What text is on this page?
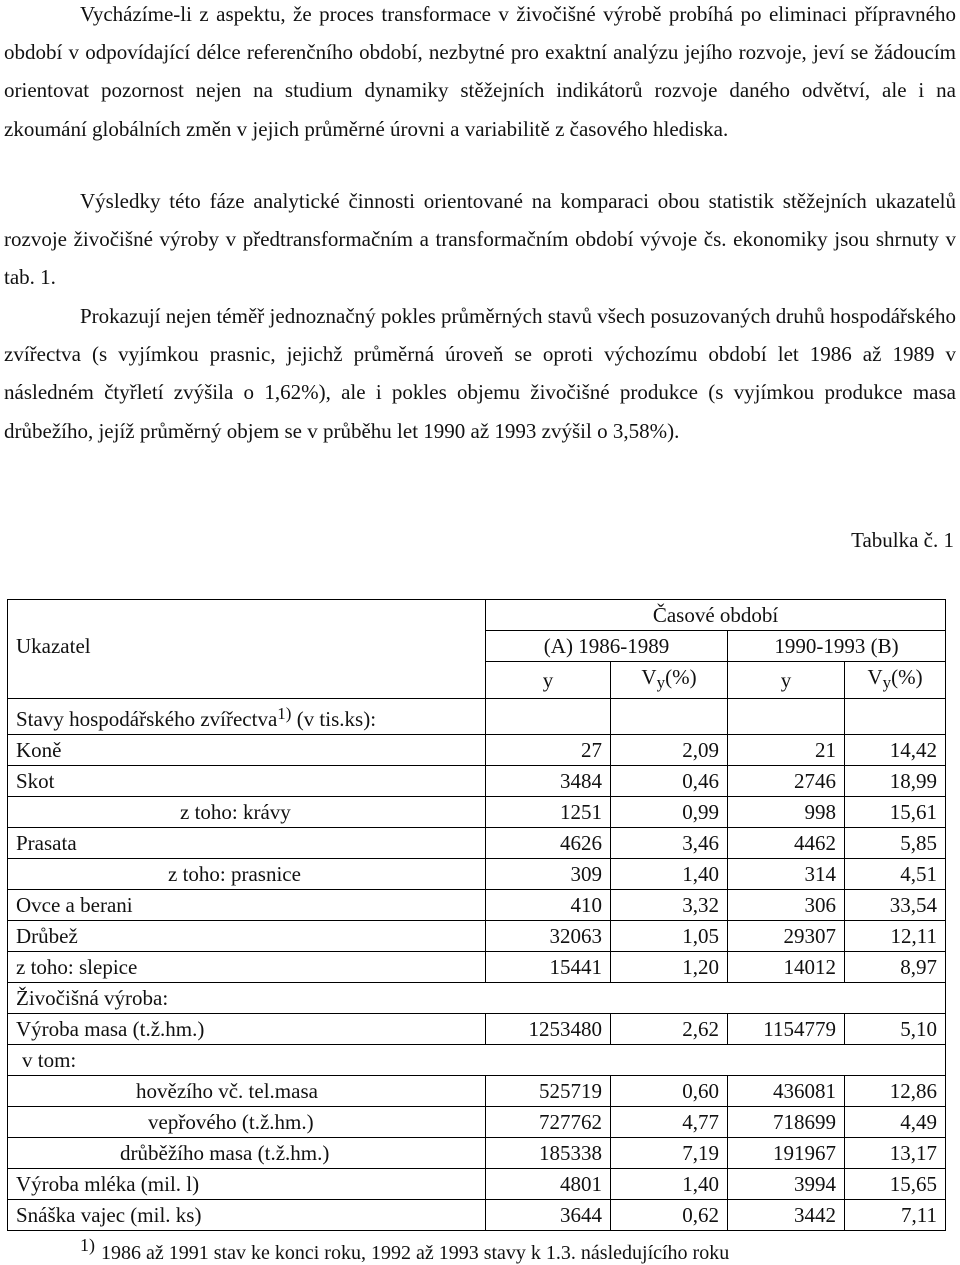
Vycházíme-li z aspektu, že proces transformace v živočišné výrobě probíhá po eliminaci přípravného období v odpovídající délce referenčního období, nezbytné pro exaktní analýzu jejího rozvoje, jeví se žádoucím orientovat pozornost nejen na studium dynamiky stěžejních indikátorů rozvoje daného odvětví, ale i na zkoumání globálních změn v jejich průměrné úrovni a variabilitě z časového hlediska.

Výsledky této fáze analytické činnosti orientované na komparaci obou statistik stěžejních ukazatelů rozvoje živočišné výroby v předtransformačním a transformačním období vývoje čs. ekonomiky jsou shrnuty v tab. 1.

Prokazují nejen téměř jednoznačný pokles průměrných stavů všech posuzovaných druhů hospodářského zvířectva (s vyjímkou prasnic, jejichž průměrná úroveň se oproti výchozímu období let 1986 až 1989 v následném čtyřletí zvýšila o 1,62%), ale i pokles objemu živočišné produkce (s vyjímkou produkce masa drůbežího, jejíž průměrný objem se v průběhu let 1990 až 1993 zvýšil o 3,58%).

Tabulka č. 1
	Časové období			
Ukazatel	(A) 1986-1989		1990-1993 (B)	
	y	$V_y(\%)$	y	$V_y(\%)$
Stavy hospodářského zvířectva$^{1)}$ (v tis.ks):				
Koně	27	2,09	21	14,42
Skot	3484	0,46	2746	18,99
z toho: krávy	1251	0,99	998	15,61
Prasata	4626	3,46	4462	5,85
z toho: prasnice	309	1,40	314	4,51
Ovce a berani	410	3,32	306	33,54
Drůbež	32063	1,05	29307	12,11
z toho: slepice	15441	1,20	14012	8,97
Živočišná výroba:				
Výroba masa (t.ž.hm.)	1253480	2,62	1154779	5,10
v tom:				
hovězího vč. tel.masa	525719	0,60	436081	12,86
vepřového (t.ž.hm.)	727762	4,77	718699	4,49
drůběžího masa (t.ž.hm.)	185338	7,19	191967	13,17
Výroba mléka (mil. l)	4801	1,40	3994	15,65
Snáška vajec (mil. ks)	3644	0,62	3442	7,11
$^{1)}$ 1986 až 1991 stav ke konci roku, 1992 až 1993 stavy k 1.3. následujícího roku
